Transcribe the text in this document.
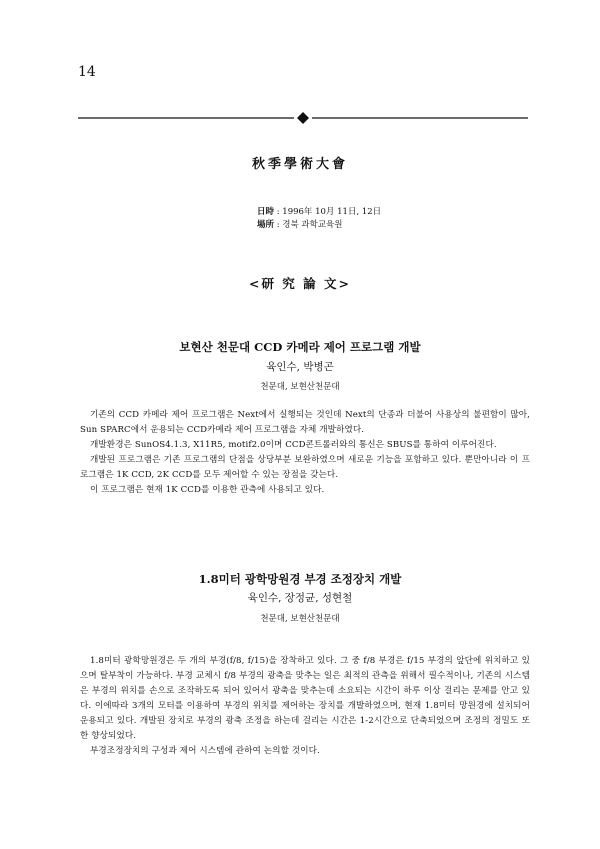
14
秋季學術大會
日時 : 1996年 10月 11日, 12日
場所 : 경북 과학교육원
<研 究 論 文>
보현산 천문대 CCD 카메라 제어 프로그램 개발
육인수, 박병곤
천문대, 보현산천문대

기존의 CCD 카메라 제어 프로그램은 Next에서 실행되는 것인데 Next의 단종과 더불어 사용상의 불편함이 많아, Sun SPARC에서 운용되는 CCD카메라 제어 프로그램을 자체 개발하였다.

개발환경은 SunOS4.1.3, X11R5, motif2.0이며 CCD콘트롤러와의 통신은 SBUS를 통하여 이루어진다.

개발된 프로그램은 기존 프로그램의 단점을 상당부분 보완하였으며 새로운 기능을 포함하고 있다. 뿐만아니라 이 프로그램은 1K CCD, 2K CCD를 모두 제어할 수 있는 장점을 갖는다.

이 프로그램은 현재 1K CCD를 이용한 관측에 사용되고 있다.

1.8미터 광학망원경 부경 조정장치 개발
육인수, 장정균, 성현철
천문대, 보현산천문대

1.8미터 광학망원경은 두 개의 부경(f/8, f/15)을 장착하고 있다. 그 중 f/8 부경은 f/15 부경의 앞단에 위치하고 있으며 탈부착이 가능하다. 부경 교체시 f/8 부경의 광축을 맞추는 일은 최적의 관측을 위해서 필수적이나, 기존의 시스템은 부경의 위치를 손으로 조작하도록 되어 있어서 광축을 맞추는데 소요되는 시간이 하루 이상 걸리는 문제를 안고 있다. 이에따라 3개의 모터를 이용하여 부경의 위치를 제어하는 장치를 개발하였으며, 현재 1.8미터 망원경에 설치되어 운용되고 있다. 개발된 장치로 부경의 광축 조정을 하는데 걸리는 시간은 1-2시간으로 단축되었으며 조정의 정밀도 또한 향상되었다.

부경조정장치의 구성과 제어 시스템에 관하여 논의할 것이다.
